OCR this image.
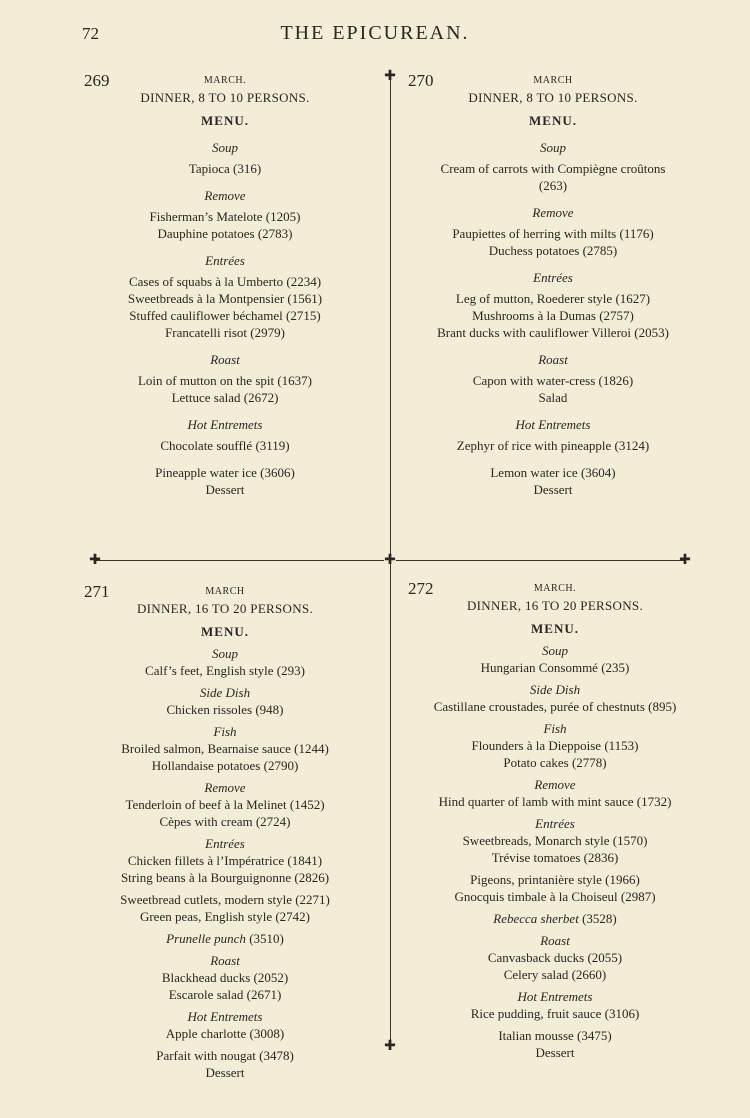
72	THE EPICUREAN.
✚
✚	✚	✚
✚
269	MARCH.
DINNER, 8 TO 10 PERSONS.
MENU.
Soup
Tapioca (316)
Remove
Fisherman’s Matelote (1205)
Dauphine potatoes (2783)
Entrées
Cases of squabs à la Umberto (2234)
Sweetbreads à la Montpensier (1561)
Stuffed cauliflower béchamel (2715)
Francatelli risot (2979)
Roast
Loin of mutton on the spit (1637)
Lettuce salad (2672)
Hot Entremets
Chocolate soufflé (3119)
Pineapple water ice (3606)
Dessert
270	MARCH
DINNER, 8 TO 10 PERSONS.
MENU.
Soup
Cream of carrots with Compiègne croûtons
(263)
Remove
Paupiettes of herring with milts (1176)
Duchess potatoes (2785)
Entrées
Leg of mutton, Roederer style (1627)
Mushrooms à la Dumas (2757)
Brant ducks with cauliflower Villeroi (2053)
Roast
Capon with water-cress (1826)
Salad
Hot Entremets
Zephyr of rice with pineapple (3124)
Lemon water ice (3604)
Dessert
271	MARCH
DINNER, 16 TO 20 PERSONS.
MENU.
Soup
Calf’s feet, English style (293)
Side Dish
Chicken rissoles (948)
Fish
Broiled salmon, Bearnaise sauce (1244)
Hollandaise potatoes (2790)
Remove
Tenderloin of beef à la Melinet (1452)
Cèpes with cream (2724)
Entrées
Chicken fillets à l’Impératrice (1841)
String beans à la Bourguignonne (2826)
Sweetbread cutlets, modern style (2271)
Green peas, English style (2742)
Prunelle punch (3510)
Roast
Blackhead ducks (2052)
Escarole salad (2671)
Hot Entremets
Apple charlotte (3008)
Parfait with nougat (3478)
Dessert
272	MARCH.
DINNER, 16 TO 20 PERSONS.
MENU.
Soup
Hungarian Consommé (235)
Side Dish
Castillane croustades, purée of chestnuts (895)
Fish
Flounders à la Dieppoise (1153)
Potato cakes (2778)
Remove
Hind quarter of lamb with mint sauce (1732)
Entrées
Sweetbreads, Monarch style (1570)
Trévise tomatoes (2836)
Pigeons, printanière style (1966)
Gnocquis timbale à la Choiseul (2987)
Rebecca sherbet (3528)
Roast
Canvasback ducks (2055)
Celery salad (2660)
Hot Entremets
Rice pudding, fruit sauce (3106)
Italian mousse (3475)
Dessert
